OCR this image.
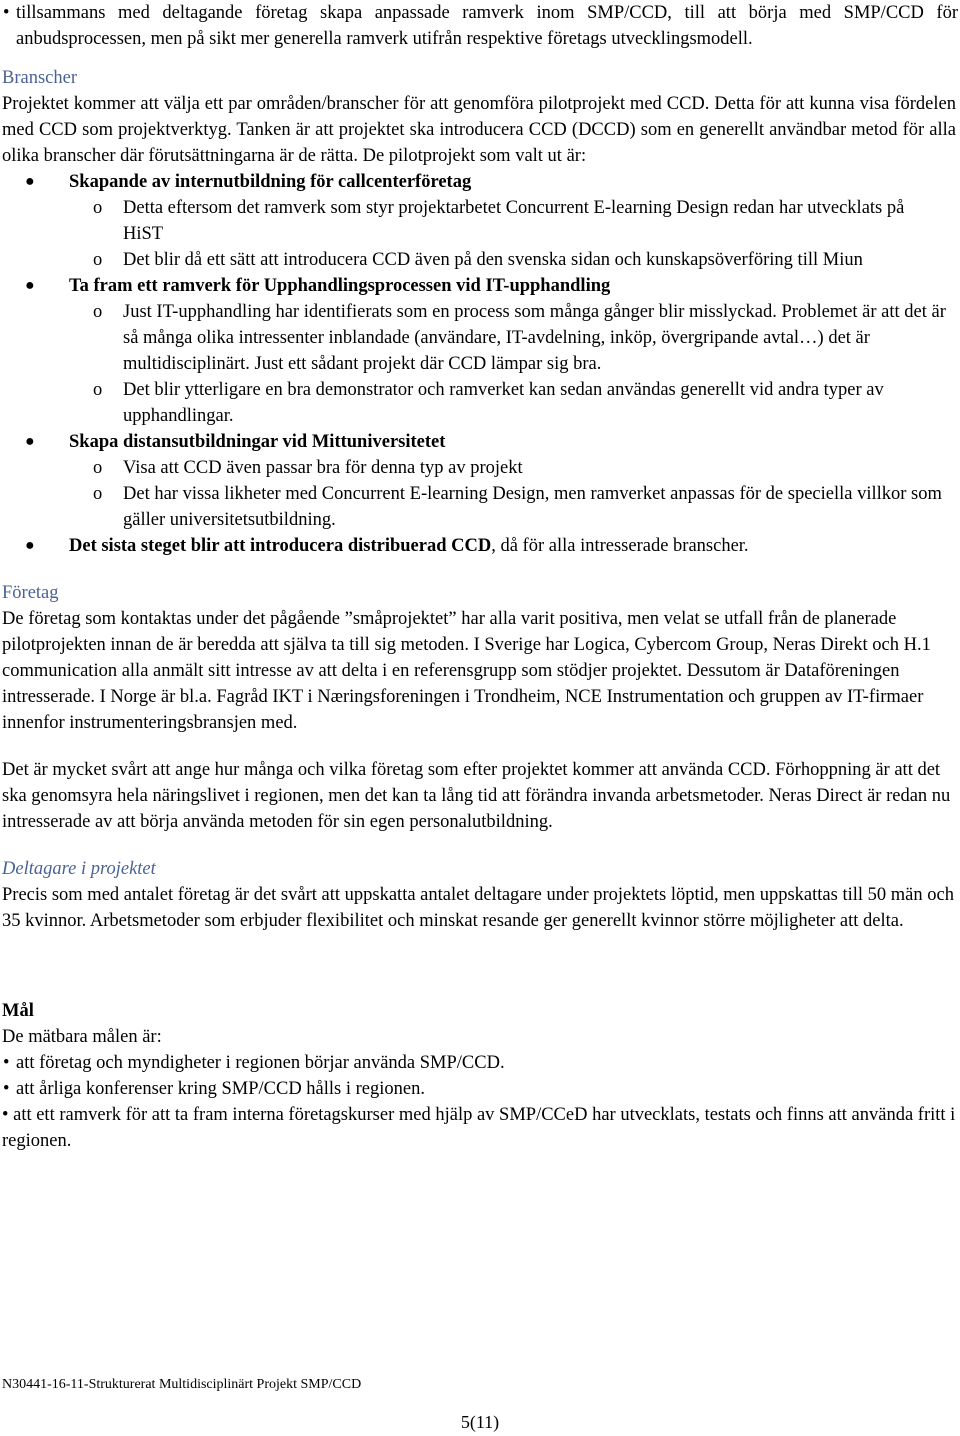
• tillsammans med deltagande företag skapa anpassade ramverk inom SMP/CCD, till att börja med SMP/CCD för anbudsprocessen, men på sikt mer generella ramverk utifrån respektive företags utvecklingsmodell.

Branscher

Projektet kommer att välja ett par områden/branscher för att genomföra pilotprojekt med CCD. Detta för att kunna visa fördelen med CCD som projektverktyg. Tanken är att projektet ska introducera CCD (DCCD) som en generellt användbar metod för alla olika branscher där förutsättningarna är de rätta. De pilotprojekt som valt ut är:

● Skapande av internutbildning för callcenterföretag
o Detta eftersom det ramverk som styr projektarbetet Concurrent E-learning Design redan har utvecklats på HiST
o Det blir då ett sätt att introducera CCD även på den svenska sidan och kunskapsöverföring till Miun
● Ta fram ett ramverk för Upphandlingsprocessen vid IT-upphandling
o Just IT-upphandling har identifierats som en process som många gånger blir misslyckad. Problemet är att det är så många olika intressenter inblandade (användare, IT-avdelning, inköp, övergripande avtal…) det är multidisciplinärt. Just ett sådant projekt där CCD lämpar sig bra.
o Det blir ytterligare en bra demonstrator och ramverket kan sedan användas generellt vid andra typer av upphandlingar.
● Skapa distansutbildningar vid Mittuniversitetet
o Visa att CCD även passar bra för denna typ av projekt
o Det har vissa likheter med Concurrent E-learning Design, men ramverket anpassas för de speciella villkor som gäller universitetsutbildning.
● Det sista steget blir att introducera distribuerad CCD, då för alla intresserade branscher.

Företag

De företag som kontaktas under det pågående ”småprojektet” har alla varit positiva, men velat se utfall från de planerade pilotprojekten innan de är beredda att själva ta till sig metoden. I Sverige har Logica, Cybercom Group, Neras Direkt och H.1 communication alla anmält sitt intresse av att delta i en referensgrupp som stödjer projektet. Dessutom är Dataföreningen intresserade. I Norge är bl.a. Fagråd IKT i Næringsforeningen i Trondheim, NCE Instrumentation och gruppen av IT-firmaer innenfor instrumenteringsbransjen med.

Det är mycket svårt att ange hur många och vilka företag som efter projektet kommer att använda CCD. Förhoppning är att det ska genomsyra hela näringslivet i regionen, men det kan ta lång tid att förändra invanda arbetsmetoder. Neras Direct är redan nu intresserade av att börja använda metoden för sin egen personalutbildning.

Deltagare i projektet

Precis som med antalet företag är det svårt att uppskatta antalet deltagare under projektets löptid, men uppskattas till 50 män och 35 kvinnor. Arbetsmetoder som erbjuder flexibilitet och minskat resande ger generellt kvinnor större möjligheter att delta.

Mål

De mätbara målen är:

• att företag och myndigheter i regionen börjar använda SMP/CCD.
• att årliga konferenser kring SMP/CCD hålls i regionen.
• att ett ramverk för att ta fram interna företagskurser med hjälp av SMP/CCeD har utvecklats, testats och finns att använda fritt i regionen.
N30441-16-11-Strukturerat Multidisciplinärt Projekt SMP/CCD
5(11)
